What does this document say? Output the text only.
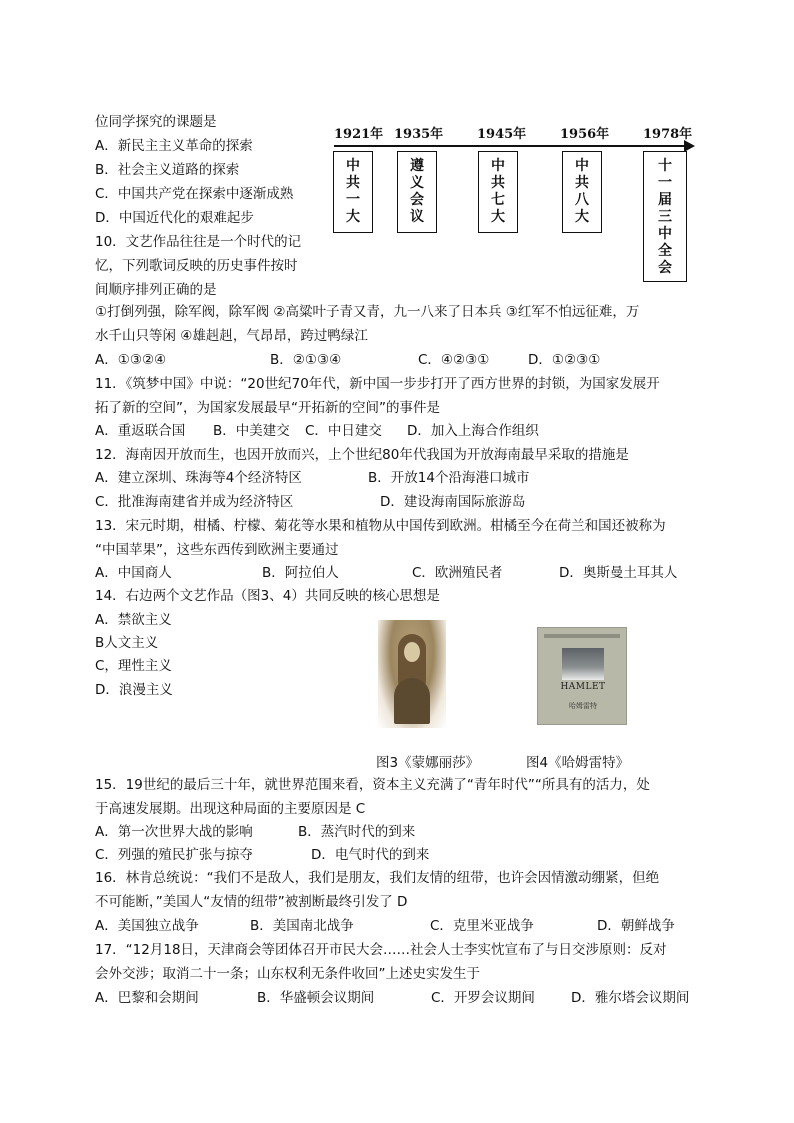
位同学探究的课题是
A．新民主主义革命的探索
B．社会主义道路的探索
C．中国共产党在探索中逐渐成熟
D．中国近代化的艰难起步
10．文艺作品往往是一个时代的记
忆，下列歌词反映的历史事件按时
间顺序排列正确的是
①打倒列强，除军阀，除军阀 ②高粱叶子青又青，九一八来了日本兵 ③红军不怕远征难，万
水千山只等闲 ④雄赳赳，气昂昂，跨过鸭绿江
A．①③②④	B．②①③④	C．④②③①	D．①②③①
11．《筑梦中国》中说：“20世纪70年代，新中国一步步打开了西方世界的封锁，为国家发展开
拓了新的空间”，为国家发展最早“开拓新的空间”的事件是
A．重返联合国 B．中美建交 C．中日建交 D．加入上海合作组织
12．海南因开放而生，也因开放而兴，上个世纪80年代我国为开放海南最早采取的措施是
A．建立深圳、珠海等4个经济特区	B．开放14个沿海港口城市
C．批准海南建省并成为经济特区	D．建设海南国际旅游岛
13．宋元时期，柑橘、柠檬、菊花等水果和植物从中国传到欧洲。柑橘至今在荷兰和国还被称为
“中国苹果”，这些东西传到欧洲主要通过
A．中国商人	B．阿拉伯人	C．欧洲殖民者	D．奥斯曼土耳其人
14．右边两个文艺作品（图3、4）共同反映的核心思想是
A．禁欲主义
B人文主义
C，理性主义
D．浪漫主义	HAMLET
哈姆雷特
图3《蒙娜丽莎》	图4《哈姆雷特》
15．19世纪的最后三十年，就世界范围来看，资本主义充满了“青年时代”“所具有的活力，处
于高速发展期。出现这种局面的主要原因是 C
A．第一次世界大战的影响	B．蒸汽时代的到来
C．列强的殖民扩张与掠夺	D．电气时代的到来
16．林肯总统说：“我们不是敌人，我们是朋友，我们友情的纽带，也许会因情激动绷紧，但绝
不可能断，”美国人“友情的纽带”被割断最终引发了 D
A．美国独立战争	B．美国南北战争	C．克里米亚战争	D．朝鲜战争
17．“12月18日，天津商会等团体召开市民大会……社会人士李实忱宣布了与日交涉原则：反对
会外交涉；取消二十一条；山东权利无条件收回”上述史实发生于
A．巴黎和会期间	B．华盛顿会议期间	C．开罗会议期间	D．雅尔塔会议期间
1921年 1935年	1945年	1956年	1978年
中
共
一
大
遵
义
会
议
中
共
七
大
中
共
八
大
十
一
届
三
中
全
会
